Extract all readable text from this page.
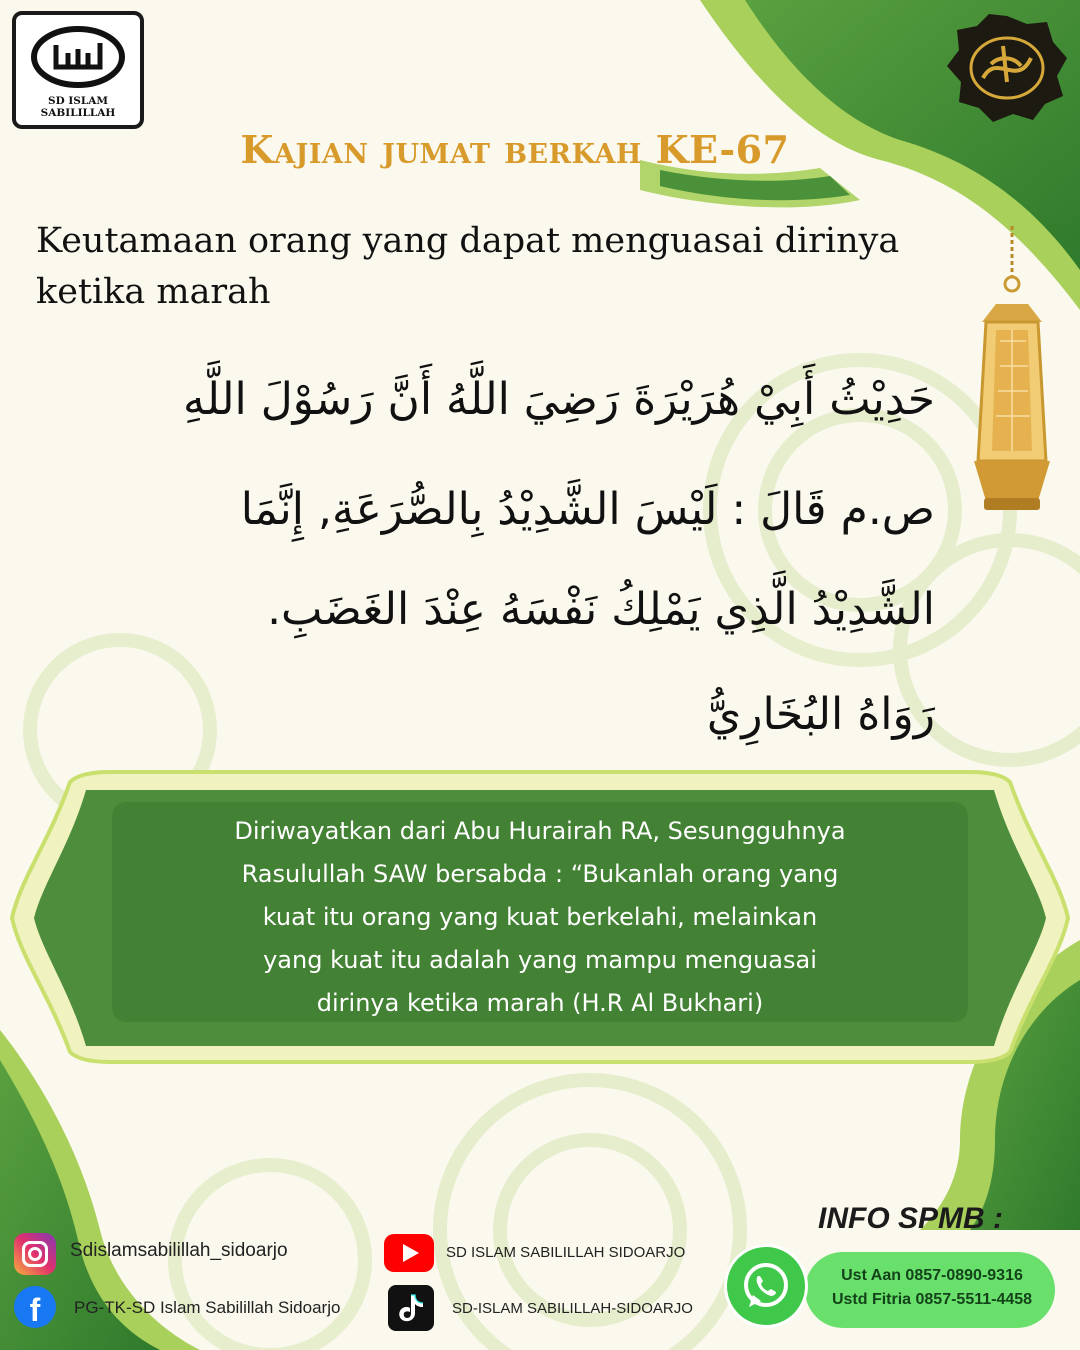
SD ISLAM SABILILLAH
Kajian jumat berkah KE-67
Keutamaan orang yang dapat menguasai dirinya ketika marah
حَدِيْثُ أَبِيْ هُرَيْرَةَ رَضِيَ اللَّهُ أَنَّ رَسُوْلَ اللَّهِ
ص.م قَالَ : لَيْسَ الشَّدِيْدُ بِالصُّرَعَةِ, إِنَّمَا
الشَّدِيْدُ الَّذِي يَمْلِكُ نَفْسَهُ عِنْدَ الغَضَبِ.
رَوَاهُ البُخَارِيُّ
Diriwayatkan dari Abu Hurairah RA, Sesungguhnya
Rasulullah SAW bersabda : “Bukanlah orang yang
kuat itu orang yang kuat berkelahi, melainkan
yang kuat itu adalah yang mampu menguasai
dirinya ketika marah (H.R Al Bukhari)
Sdislamsabilillah_sidoarjo
f	PG-TK-SD Islam Sabilillah Sidoarjo
SD ISLAM SABILILLAH SIDOARJO
SD-ISLAM SABILILLAH-SIDOARJO
INFO SPMB :
Ust Aan 0857-0890-9316
Ustd Fitria 0857-5511-4458
